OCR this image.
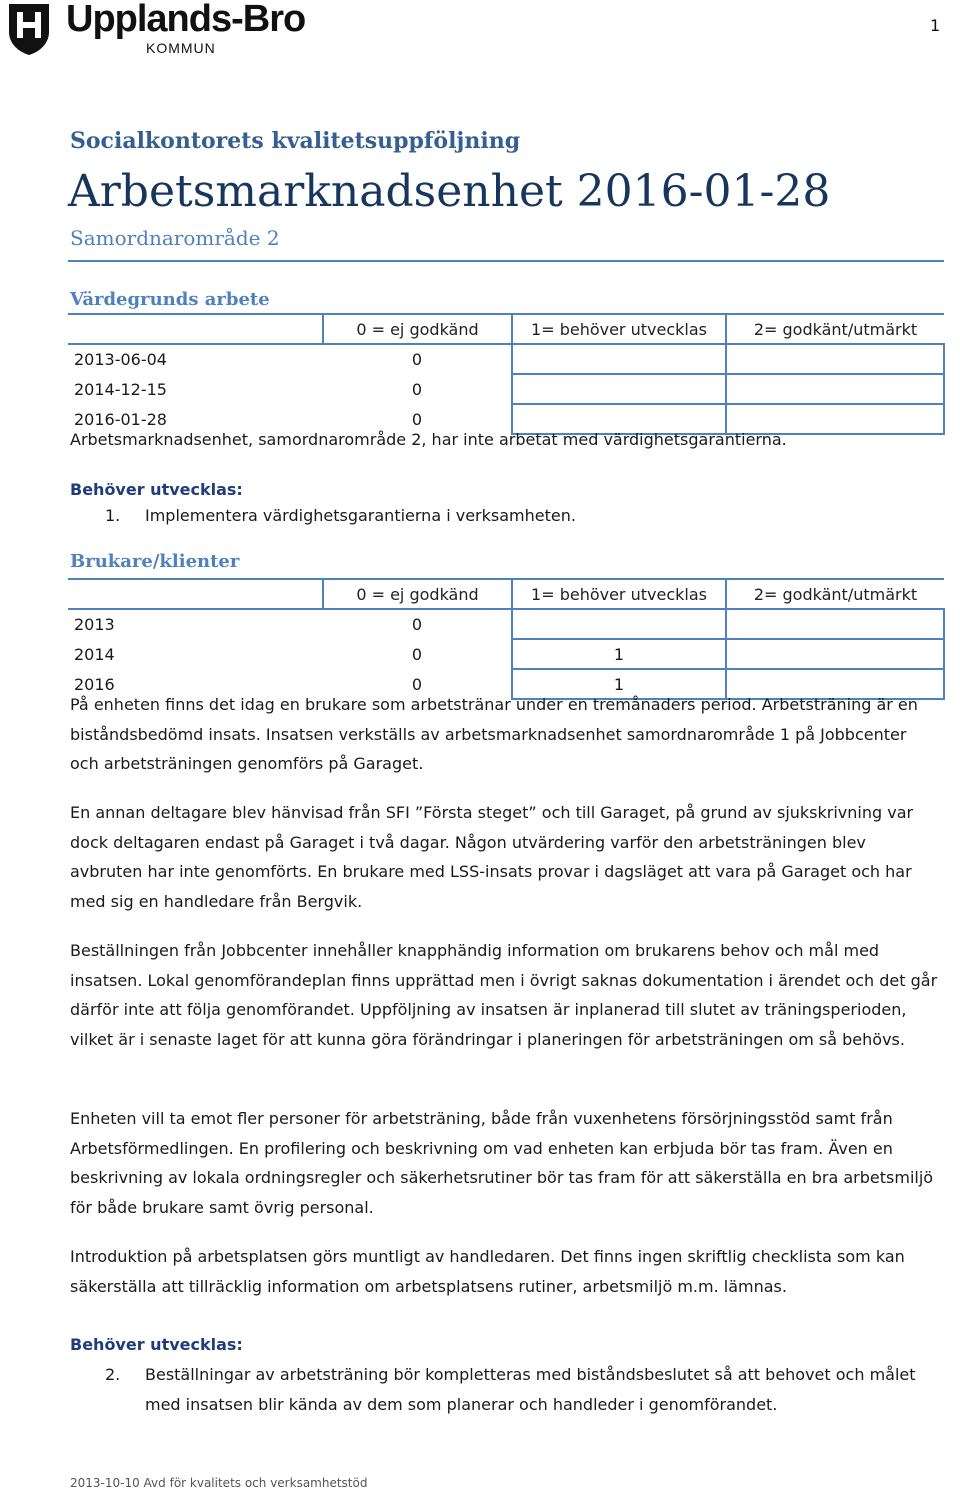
Upplands-Bro
KOMMUN
1
Socialkontorets kvalitetsuppföljning
Arbetsmarknadsenhet 2016-01-28
Samordnarområde 2
Värdegrunds arbete
	0 = ej godkänd	1= behöver utvecklas	2= godkänt/utmärkt
2013-06-04	0		
2014-12-15	0		
2016-01-28	0		
Arbetsmarknadsenhet, samordnarområde 2, har inte arbetat med värdighetsgarantierna.
Behöver utvecklas:
1. Implementera värdighetsgarantierna i verksamheten.
Brukare/klienter
	0 = ej godkänd	1= behöver utvecklas	2= godkänt/utmärkt
2013	0		
2014	0	1	
2016	0	1	
På enheten finns det idag en brukare som arbetstränar under en tremånaders period. Arbetsträning är en biståndsbedömd insats. Insatsen verkställs av arbetsmarknadsenhet samordnarområde 1 på Jobbcenter och arbetsträningen genomförs på Garaget.
En annan deltagare blev hänvisad från SFI ”Första steget” och till Garaget, på grund av sjukskrivning var dock deltagaren endast på Garaget i två dagar. Någon utvärdering varför den arbetsträningen blev avbruten har inte genomförts. En brukare med LSS-insats provar i dagsläget att vara på Garaget och har med sig en handledare från Bergvik.
Beställningen från Jobbcenter innehåller knapphändig information om brukarens behov och mål med insatsen. Lokal genomförandeplan finns upprättad men i övrigt saknas dokumentation i ärendet och det går därför inte att följa genomförandet. Uppföljning av insatsen är inplanerad till slutet av träningsperioden, vilket är i senaste laget för att kunna göra förändringar i planeringen för arbetsträningen om så behövs.
Enheten vill ta emot fler personer för arbetsträning, både från vuxenhetens försörjningsstöd samt från Arbetsförmedlingen. En profilering och beskrivning om vad enheten kan erbjuda bör tas fram. Även en beskrivning av lokala ordningsregler och säkerhetsrutiner bör tas fram för att säkerställa en bra arbetsmiljö för både brukare samt övrig personal.
Introduktion på arbetsplatsen görs muntligt av handledaren. Det finns ingen skriftlig checklista som kan säkerställa att tillräcklig information om arbetsplatsens rutiner, arbetsmiljö m.m. lämnas.
Behöver utvecklas:
2. Beställningar av arbetsträning bör kompletteras med biståndsbeslutet så att behovet och målet med insatsen blir kända av dem som planerar och handleder i genomförandet.
2013-10-10 Avd för kvalitets och verksamhetstöd
